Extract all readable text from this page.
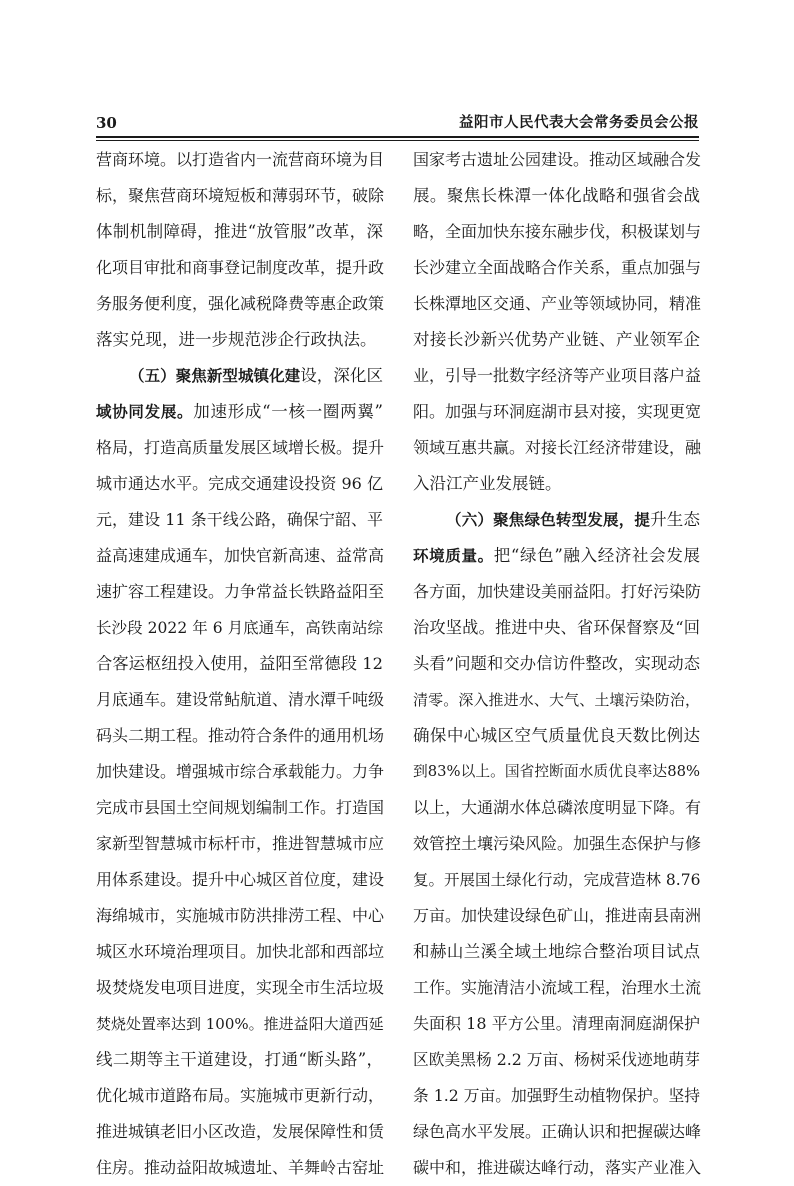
30	益阳市人民代表大会常务委员会公报
营商环境。以打造省内一流营商环境为目
标，聚焦营商环境短板和薄弱环节，破除
体制机制障碍，推进“放管服”改革，深
化项目审批和商事登记制度改革，提升政
务服务便利度，强化减税降费等惠企政策
落实兑现，进一步规范涉企行政执法。
（五）聚焦新型城镇化建设，深化区
域协同发展。加速形成“一核一圈两翼”
格局，打造高质量发展区域增长极。提升
城市通达水平。完成交通建设投资 96 亿
元，建设 11 条干线公路，确保宁韶、平
益高速建成通车，加快官新高速、益常高
速扩容工程建设。力争常益长铁路益阳至
长沙段 2022 年 6 月底通车，高铁南站综
合客运枢纽投入使用，益阳至常德段 12
月底通车。建设常鲇航道、清水潭千吨级
码头二期工程。推动符合条件的通用机场
加快建设。增强城市综合承载能力。力争
完成市县国土空间规划编制工作。打造国
家新型智慧城市标杆市，推进智慧城市应
用体系建设。提升中心城区首位度，建设
海绵城市，实施城市防洪排涝工程、中心
城区水环境治理项目。加快北部和西部垃
圾焚烧发电项目进度，实现全市生活垃圾
焚烧处置率达到 100%。推进益阳大道西延
线二期等主干道建设，打通“断头路”，
优化城市道路布局。实施城市更新行动，
推进城镇老旧小区改造，发展保障性和赁
住房。推动益阳故城遗址、羊舞岭古窑址
国家考古遗址公园建设。推动区域融合发
展。聚焦长株潭一体化战略和强省会战
略，全面加快东接东融步伐，积极谋划与
长沙建立全面战略合作关系，重点加强与
长株潭地区交通、产业等领域协同，精准
对接长沙新兴优势产业链、产业领军企
业，引导一批数字经济等产业项目落户益
阳。加强与环洞庭湖市县对接，实现更宽
领域互惠共赢。对接长江经济带建设，融
入沿江产业发展链。
（六）聚焦绿色转型发展，提升生态
环境质量。把“绿色”融入经济社会发展
各方面，加快建设美丽益阳。打好污染防
治攻坚战。推进中央、省环保督察及“回
头看”问题和交办信访件整改，实现动态
清零。深入推进水、大气、土壤污染防治，
确保中心城区空气质量优良天数比例达
到83%以上。国省控断面水质优良率达88%
以上，大通湖水体总磷浓度明显下降。有
效管控土壤污染风险。加强生态保护与修
复。开展国土绿化行动，完成营造林 8.76
万亩。加快建设绿色矿山，推进南县南洲
和赫山兰溪全域土地综合整治项目试点
工作。实施清洁小流域工程，治理水土流
失面积 18 平方公里。清理南洞庭湖保护
区欧美黑杨 2.2 万亩、杨树采伐迹地萌芽
条 1.2 万亩。加强野生动植物保护。坚持
绿色高水平发展。正确认识和把握碳达峰
碳中和，推进碳达峰行动，落实产业准入
